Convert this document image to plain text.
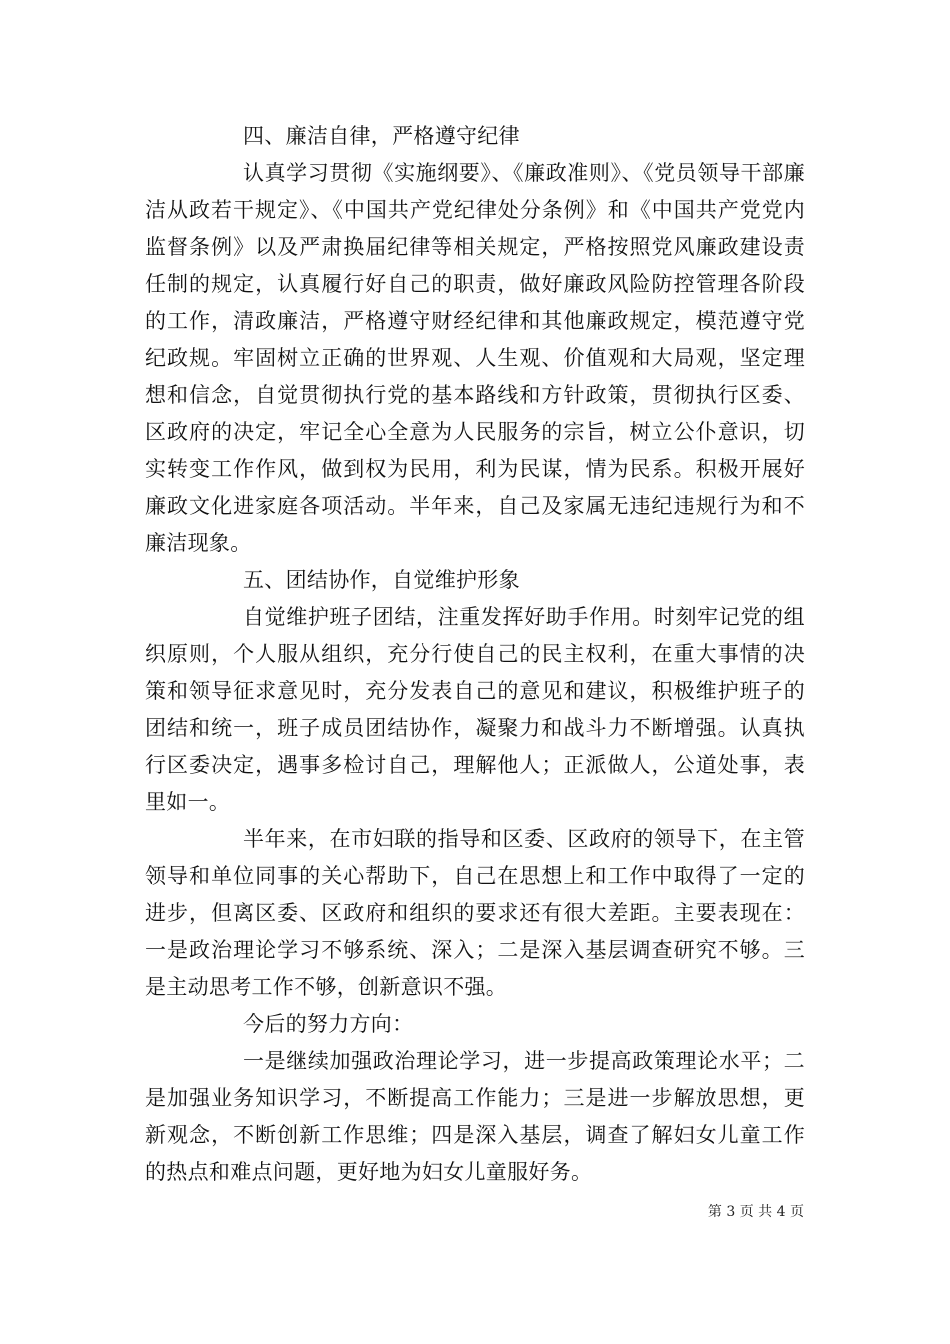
四、廉洁自律，严格遵守纪律

认真学习贯彻《实施纲要》、《廉政准则》、《党员领导干部廉洁从政若干规定》、《中国共产党纪律处分条例》和《中国共产党党内监督条例》以及严肃换届纪律等相关规定，严格按照党风廉政建设责任制的规定，认真履行好自己的职责，做好廉政风险防控管理各阶段的工作，清政廉洁，严格遵守财经纪律和其他廉政规定，模范遵守党纪政规。牢固树立正确的世界观、人生观、价值观和大局观，坚定理想和信念，自觉贯彻执行党的基本路线和方针政策，贯彻执行区委、区政府的决定，牢记全心全意为人民服务的宗旨，树立公仆意识，切实转变工作作风，做到权为民用，利为民谋，情为民系。积极开展好廉政文化进家庭各项活动。半年来，自己及家属无违纪违规行为和不廉洁现象。

五、团结协作，自觉维护形象

自觉维护班子团结，注重发挥好助手作用。时刻牢记党的组织原则，个人服从组织，充分行使自己的民主权利，在重大事情的决策和领导征求意见时，充分发表自己的意见和建议，积极维护班子的团结和统一，班子成员团结协作，凝聚力和战斗力不断增强。认真执行区委决定，遇事多检讨自己，理解他人；正派做人，公道处事，表里如一。

半年来，在市妇联的指导和区委、区政府的领导下，在主管领导和单位同事的关心帮助下，自己在思想上和工作中取得了一定的进步，但离区委、区政府和组织的要求还有很大差距。主要表现在：一是政治理论学习不够系统、深入；二是深入基层调查研究不够。三是主动思考工作不够，创新意识不强。

今后的努力方向：

一是继续加强政治理论学习，进一步提高政策理论水平；二是加强业务知识学习，不断提高工作能力；三是进一步解放思想，更新观念，不断创新工作思维；四是深入基层，调查了解妇女儿童工作的热点和难点问题，更好地为妇女儿童服好务。

第 3 页 共 4 页
